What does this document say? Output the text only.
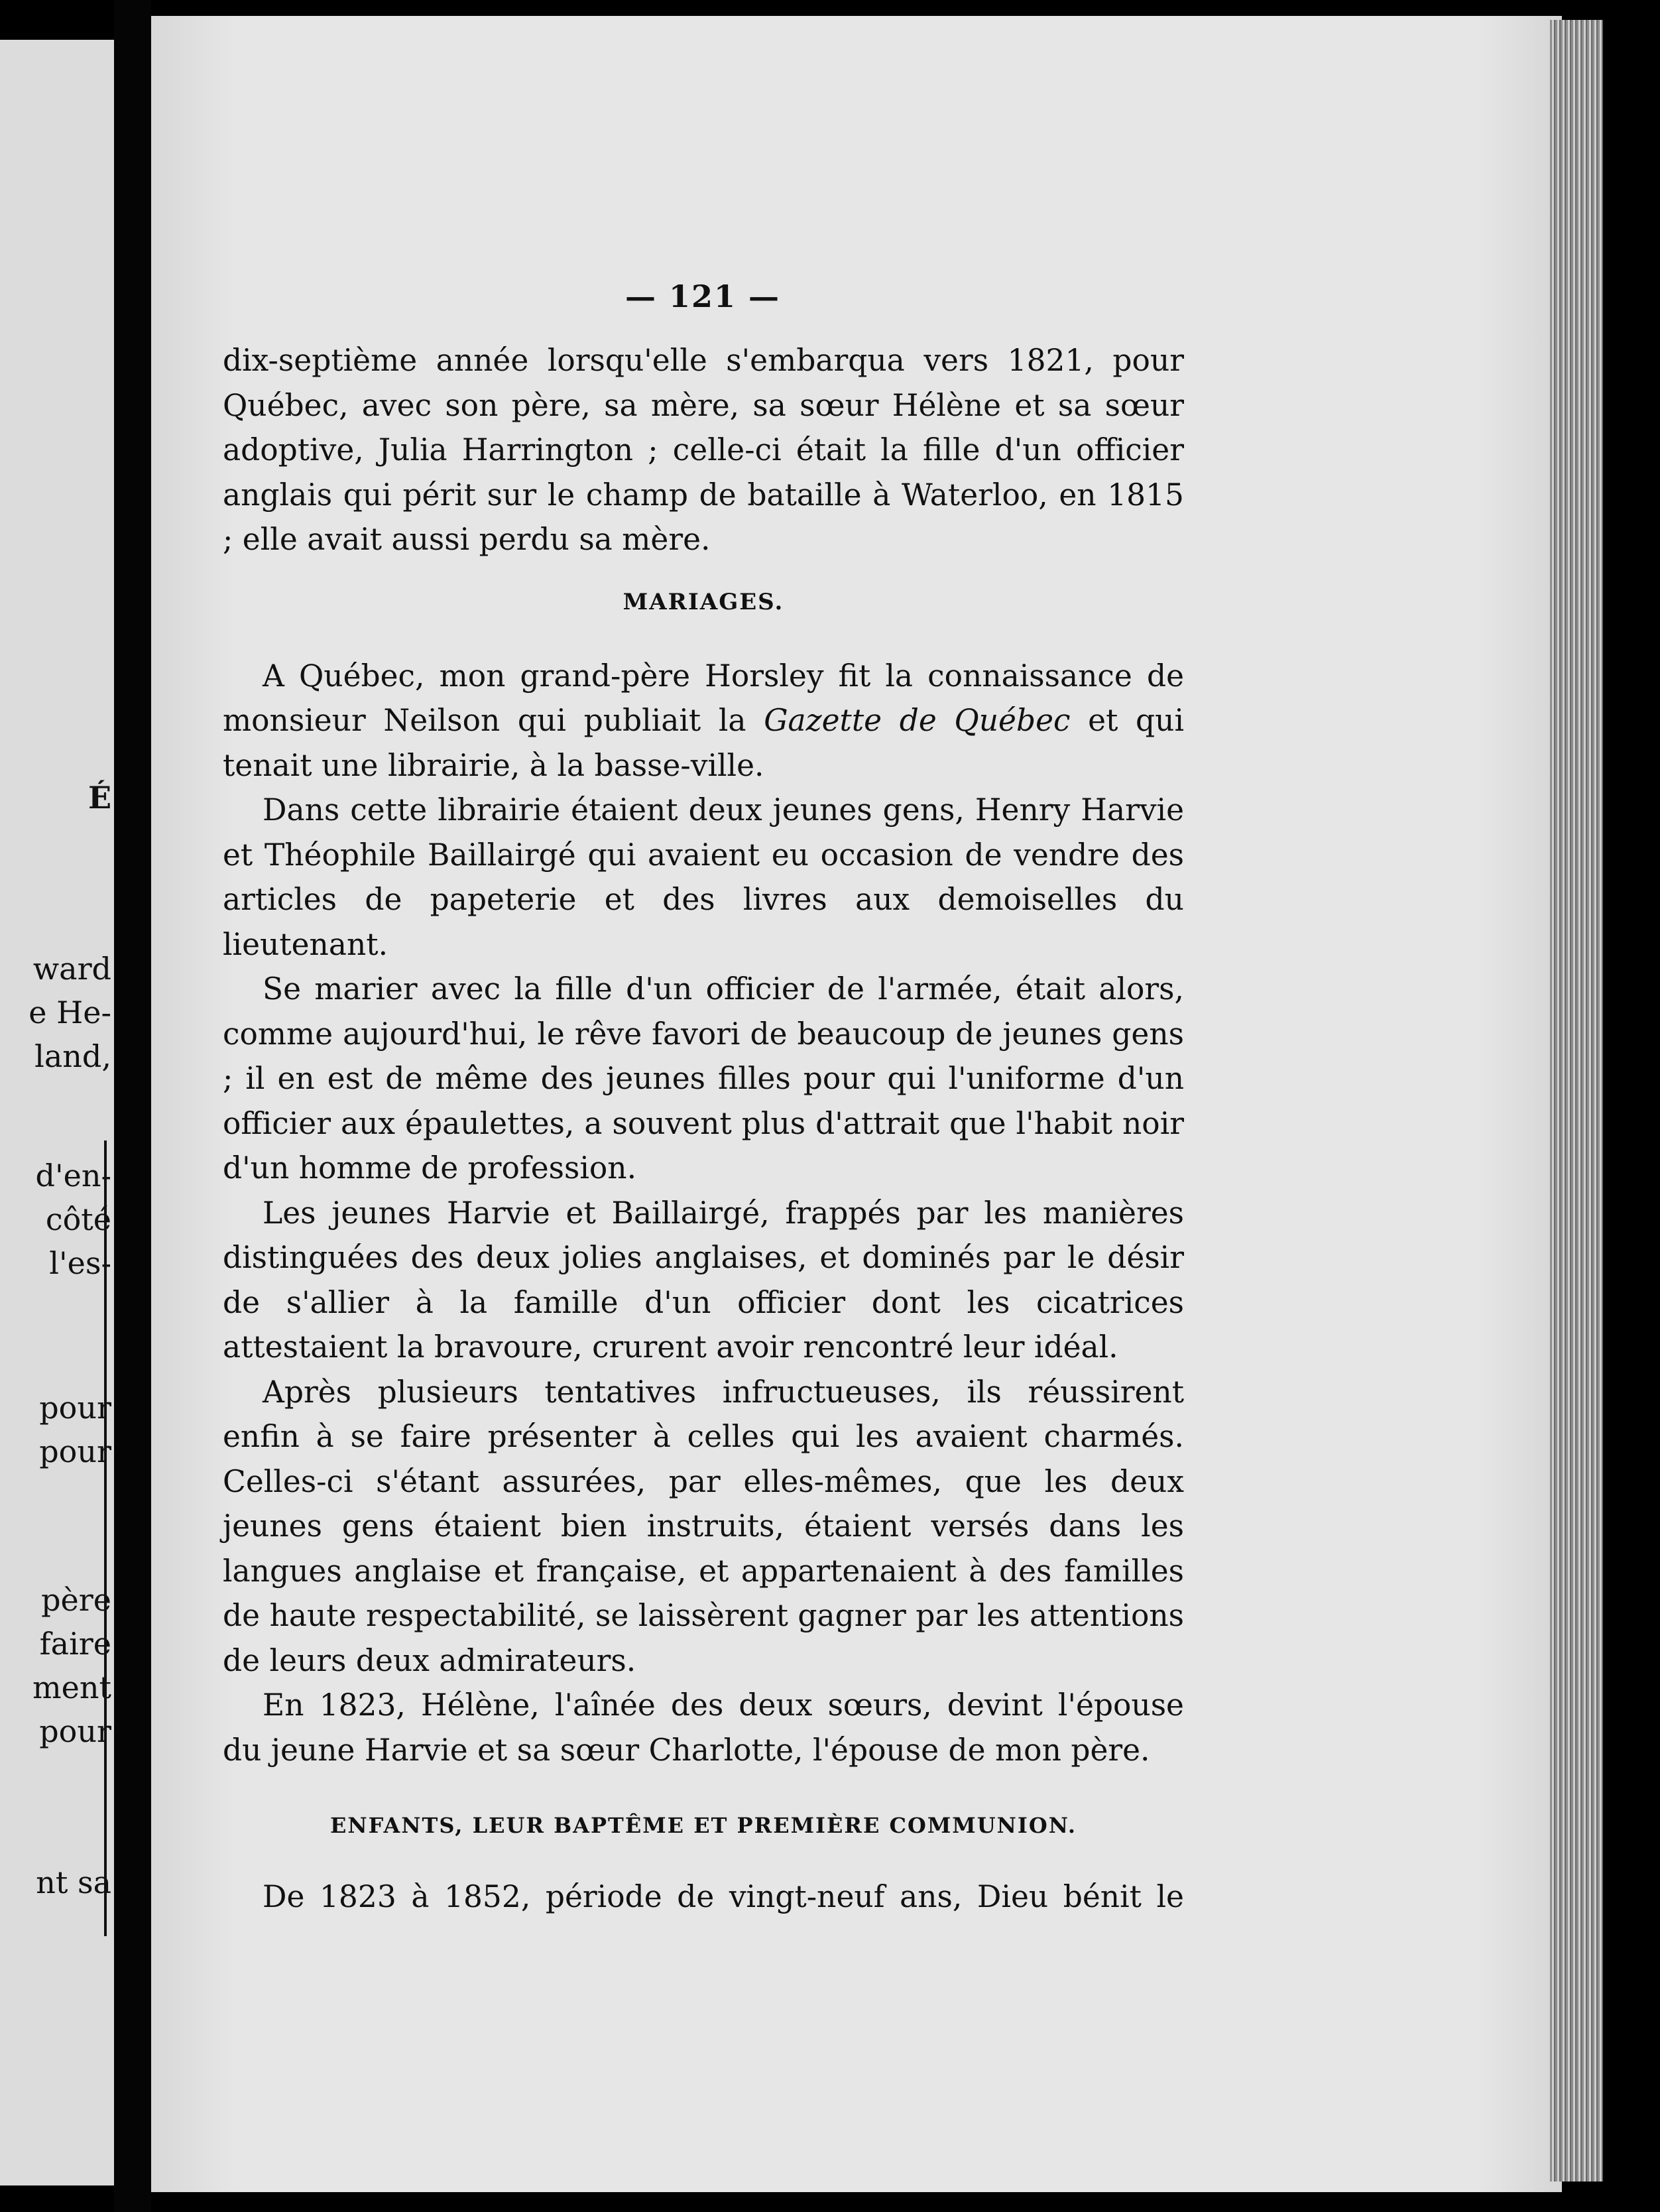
É
ward
e He-
land,
d'en-
côté
l'es-
pour
pour
père
faire
ment
pour
nt sa
— 121 —

dix-septième année lorsqu'elle s'embarqua vers 1821, pour Québec, avec son père, sa mère, sa sœur Hélène et sa sœur adoptive, Julia Harrington ; celle-ci était la fille d'un officier anglais qui périt sur le champ de bataille à Waterloo, en 1815 ; elle avait aussi perdu sa mère.

MARIAGES.

A Québec, mon grand-père Horsley fit la connaissance de monsieur Neilson qui publiait la Gazette de Québec et qui tenait une librairie, à la basse-ville.

Dans cette librairie étaient deux jeunes gens, Henry Harvie et Théophile Baillairgé qui avaient eu occasion de vendre des articles de papeterie et des livres aux demoiselles du lieutenant.

Se marier avec la fille d'un officier de l'armée, était alors, comme aujourd'hui, le rêve favori de beaucoup de jeunes gens ; il en est de même des jeunes filles pour qui l'uniforme d'un officier aux épaulettes, a souvent plus d'attrait que l'habit noir d'un homme de profession.

Les jeunes Harvie et Baillairgé, frappés par les manières distinguées des deux jolies anglaises, et dominés par le désir de s'allier à la famille d'un officier dont les cicatrices attestaient la bravoure, crurent avoir rencontré leur idéal.

Après plusieurs tentatives infructueuses, ils réussirent enfin à se faire présenter à celles qui les avaient charmés. Celles-ci s'étant assurées, par elles-mêmes, que les deux jeunes gens étaient bien instruits, étaient versés dans les langues anglaise et française, et appartenaient à des familles de haute respectabilité, se laissèrent gagner par les attentions de leurs deux admirateurs.

En 1823, Hélène, l'aînée des deux sœurs, devint l'épouse du jeune Harvie et sa sœur Charlotte, l'épouse de mon père.

ENFANTS, LEUR BAPTÊME ET PREMIÈRE COMMUNION.

De 1823 à 1852, période de vingt-neuf ans, Dieu bénit le
